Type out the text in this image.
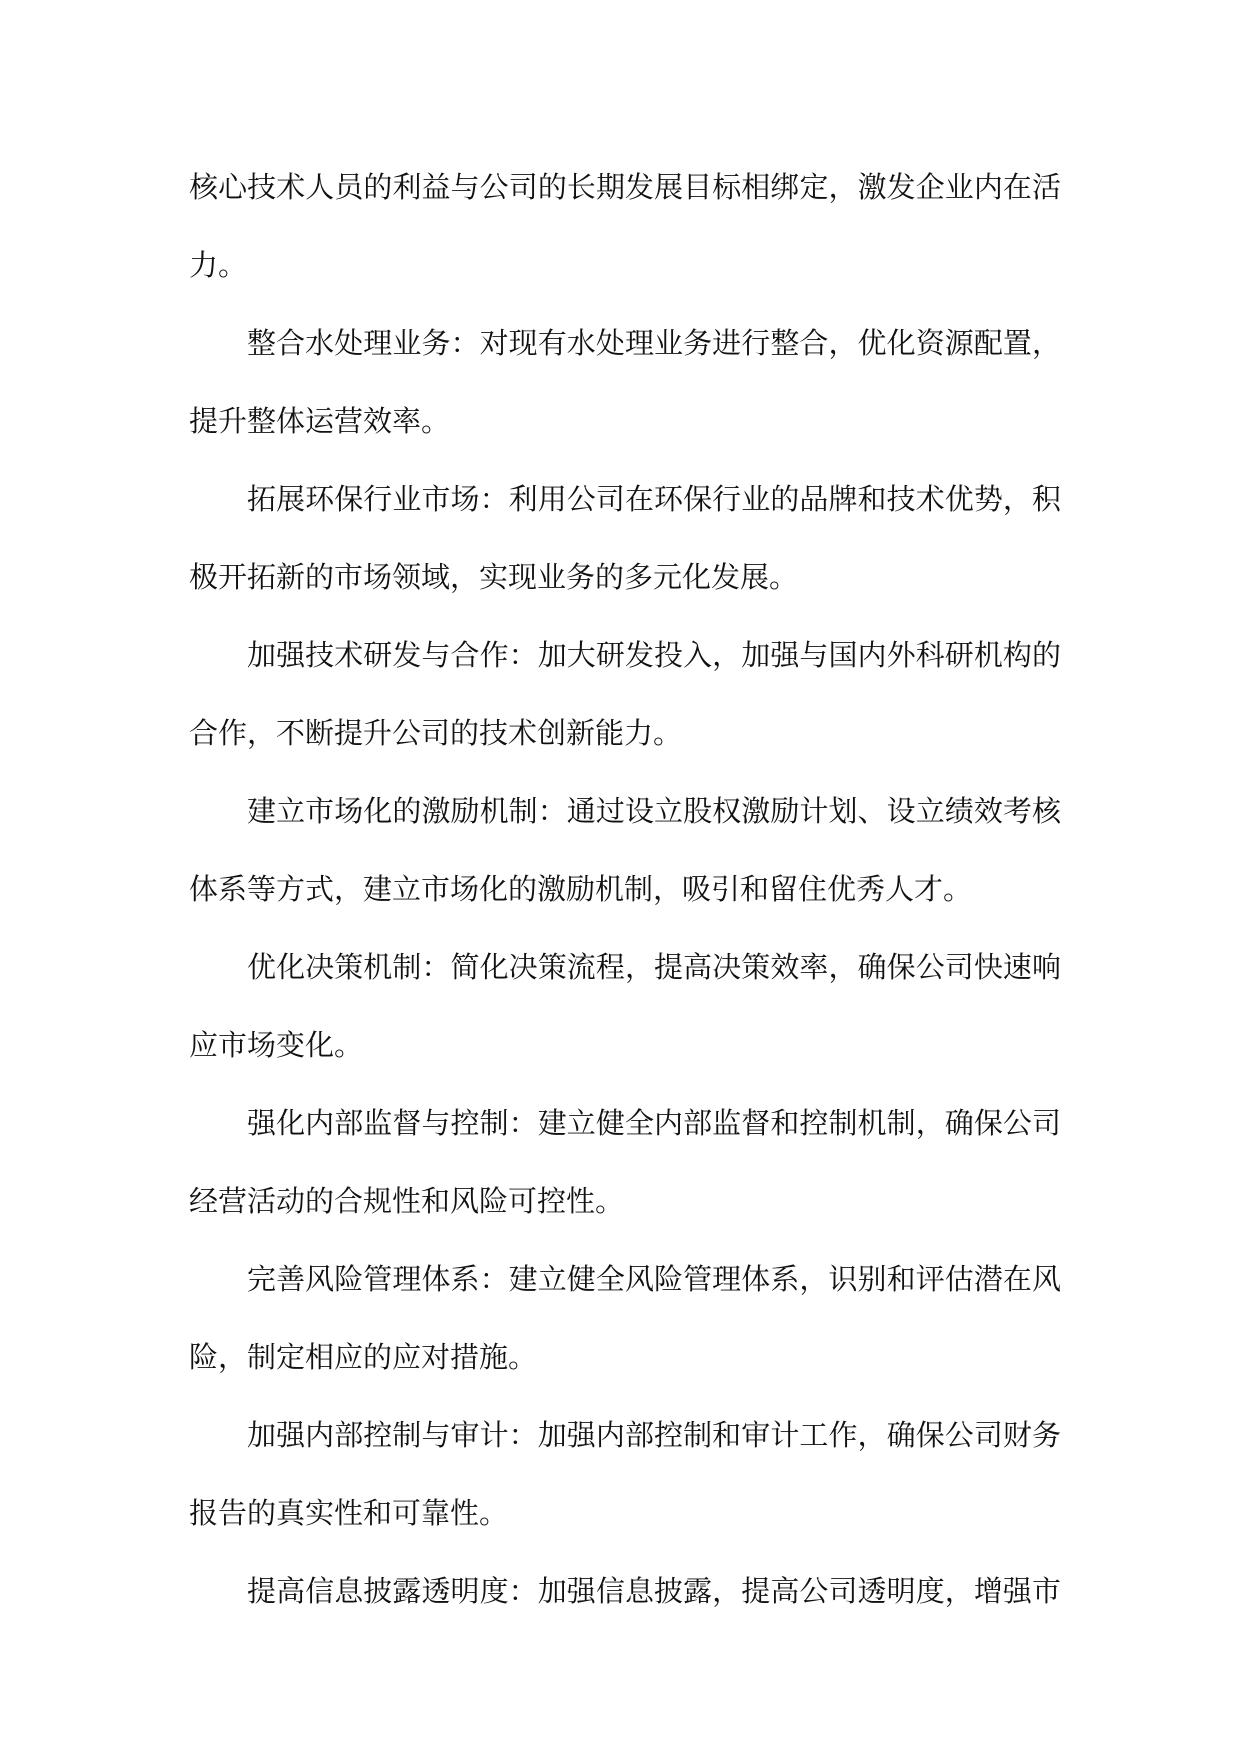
核心技术人员的利益与公司的长期发展目标相绑定，激发企业内在活
力。
整合水处理业务：对现有水处理业务进行整合，优化资源配置，
提升整体运营效率。
拓展环保行业市场：利用公司在环保行业的品牌和技术优势，积
极开拓新的市场领域，实现业务的多元化发展。
加强技术研发与合作：加大研发投入，加强与国内外科研机构的
合作，不断提升公司的技术创新能力。
建立市场化的激励机制：通过设立股权激励计划、设立绩效考核
体系等方式，建立市场化的激励机制，吸引和留住优秀人才。
优化决策机制：简化决策流程，提高决策效率，确保公司快速响
应市场变化。
强化内部监督与控制：建立健全内部监督和控制机制，确保公司
经营活动的合规性和风险可控性。
完善风险管理体系：建立健全风险管理体系，识别和评估潜在风
险，制定相应的应对措施。
加强内部控制与审计：加强内部控制和审计工作，确保公司财务
报告的真实性和可靠性。
提高信息披露透明度：加强信息披露，提高公司透明度，增强市
